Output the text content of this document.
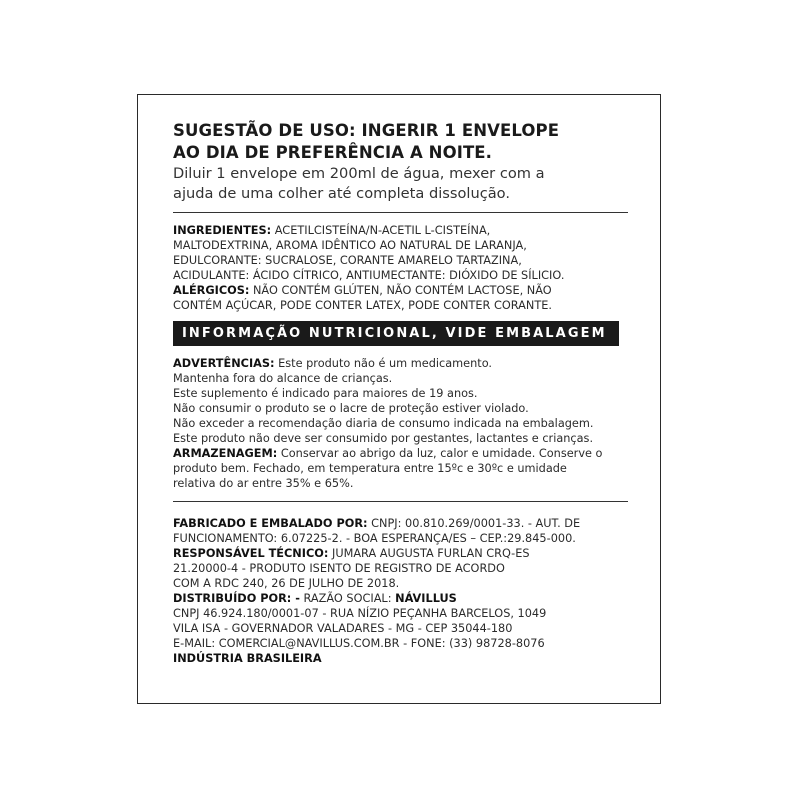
SUGESTÃO DE USO: INGERIR 1 ENVELOPE
AO DIA DE PREFERÊNCIA A NOITE.

Diluir 1 envelope em 200ml de água, mexer com a
ajuda de uma colher até completa dissolução.

INGREDIENTES: ACETILCISTEÍNA/N-ACETIL L-CISTEÍNA,
MALTODEXTRINA, AROMA IDÊNTICO AO NATURAL DE LARANJA,
EDULCORANTE: SUCRALOSE, CORANTE AMARELO TARTAZINA,
ACIDULANTE: ÁCIDO CÍTRICO, ANTIUMECTANTE: DIÓXIDO DE SÍLICIO.
ALÉRGICOS: NÃO CONTÉM GLÚTEN, NÃO CONTÉM LACTOSE, NÃO
CONTÉM AÇÚCAR, PODE CONTER LATEX, PODE CONTER CORANTE.
INFORMAÇÃO NUTRICIONAL, VIDE EMBALAGEM
ADVERTÊNCIAS: Este produto não é um medicamento.
Mantenha fora do alcance de crianças.
Este suplemento é indicado para maiores de 19 anos.
Não consumir o produto se o lacre de proteção estiver violado.
Não exceder a recomendação diaria de consumo indicada na embalagem.
Este produto não deve ser consumido por gestantes, lactantes e crianças.
ARMAZENAGEM: Conservar ao abrigo da luz, calor e umidade. Conserve o
produto bem. Fechado, em temperatura entre 15ºc e 30ºc e umidade
relativa do ar entre 35% e 65%.
FABRICADO E EMBALADO POR: CNPJ: 00.810.269/0001-33. - AUT. DE
FUNCIONAMENTO: 6.07225-2. - BOA ESPERANÇA/ES – CEP.:29.845-000.
RESPONSÁVEL TÉCNICO: JUMARA AUGUSTA FURLAN CRQ-ES
21.20000-4 - PRODUTO ISENTO DE REGISTRO DE ACORDO
COM A RDC 240, 26 DE JULHO DE 2018.
DISTRIBUÍDO POR: - RAZÃO SOCIAL: NÁVILLUS
CNPJ 46.924.180/0001-07 - RUA NÍZIO PEÇANHA BARCELOS, 1049
VILA ISA - GOVERNADOR VALADARES - MG - CEP 35044-180
E-MAIL: COMERCIAL@NAVILLUS.COM.BR - FONE: (33) 98728-8076
INDÚSTRIA BRASILEIRA
